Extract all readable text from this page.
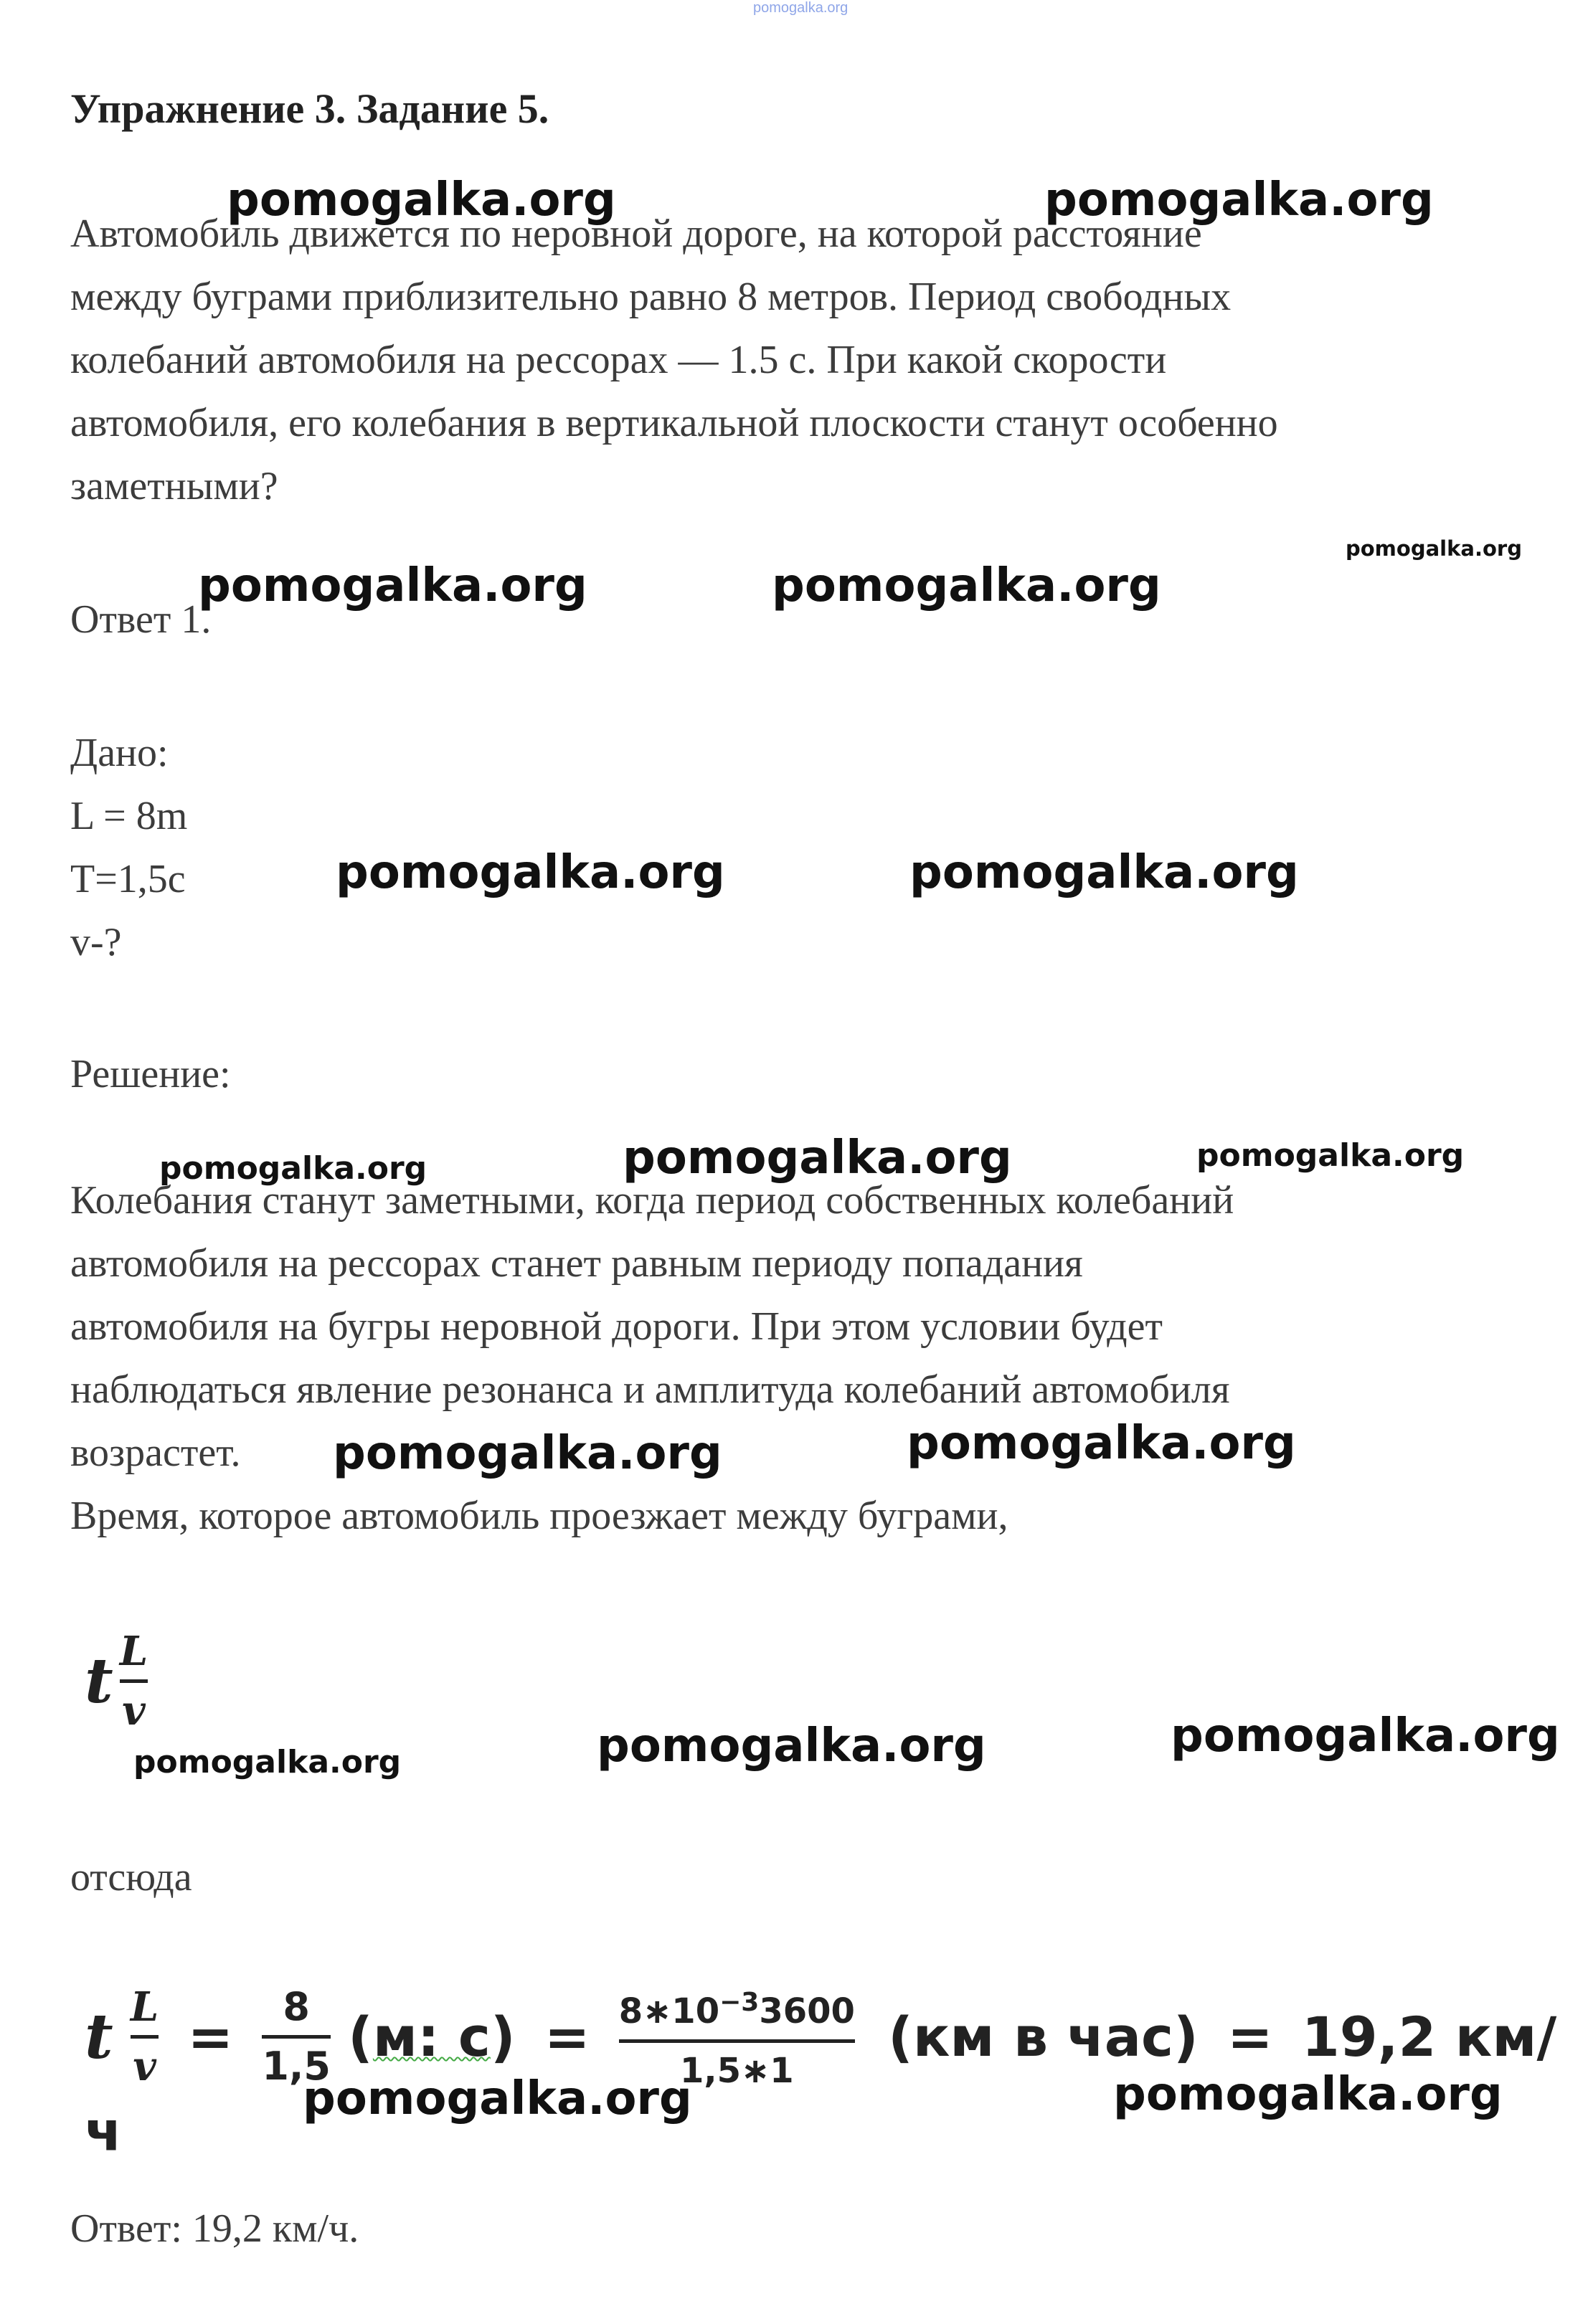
pomogalka.org
Упражнение 3. Задание 5.
Автомобиль движется по неровной дороге, на которой расстояние
между буграми приблизительно равно 8 метров. Период свободных
колебаний автомобиля на рессорах — 1.5 с. При какой скорости
автомобиля, его колебания в вертикальной плоскости станут особенно
заметными?
Ответ 1.
Дано:
L = 8m
T=1,5c
v-?
Решение:
Колебания станут заметными, когда период собственных колебаний
автомобиля на рессорах станет равным периоду попадания
автомобиля на бугры неровной дороги. При этом условии будет
наблюдаться явление резонанса и амплитуда колебаний автомобиля
возрастет.
Время, которое автомобиль проезжает между буграми,
t L
v
отсюда
t L
v =	8
1,5 (м: $с) = 8∗10^{-3}3600$
1,5∗1
(км в час) = 19,2 км/ч
Ответ: 19,2 км/ч.
pomogalka.org	pomogalka.org
pomogalka.org
pomogalka.org	pomogalka.org
pomogalka.org	pomogalka.org
pomogalka.org	pomogalka.org	pomogalka.org
pomogalka.org	pomogalka.org
pomogalka.org	pomogalka.org	pomogalka.org
pomogalka.org	pomogalka.org
